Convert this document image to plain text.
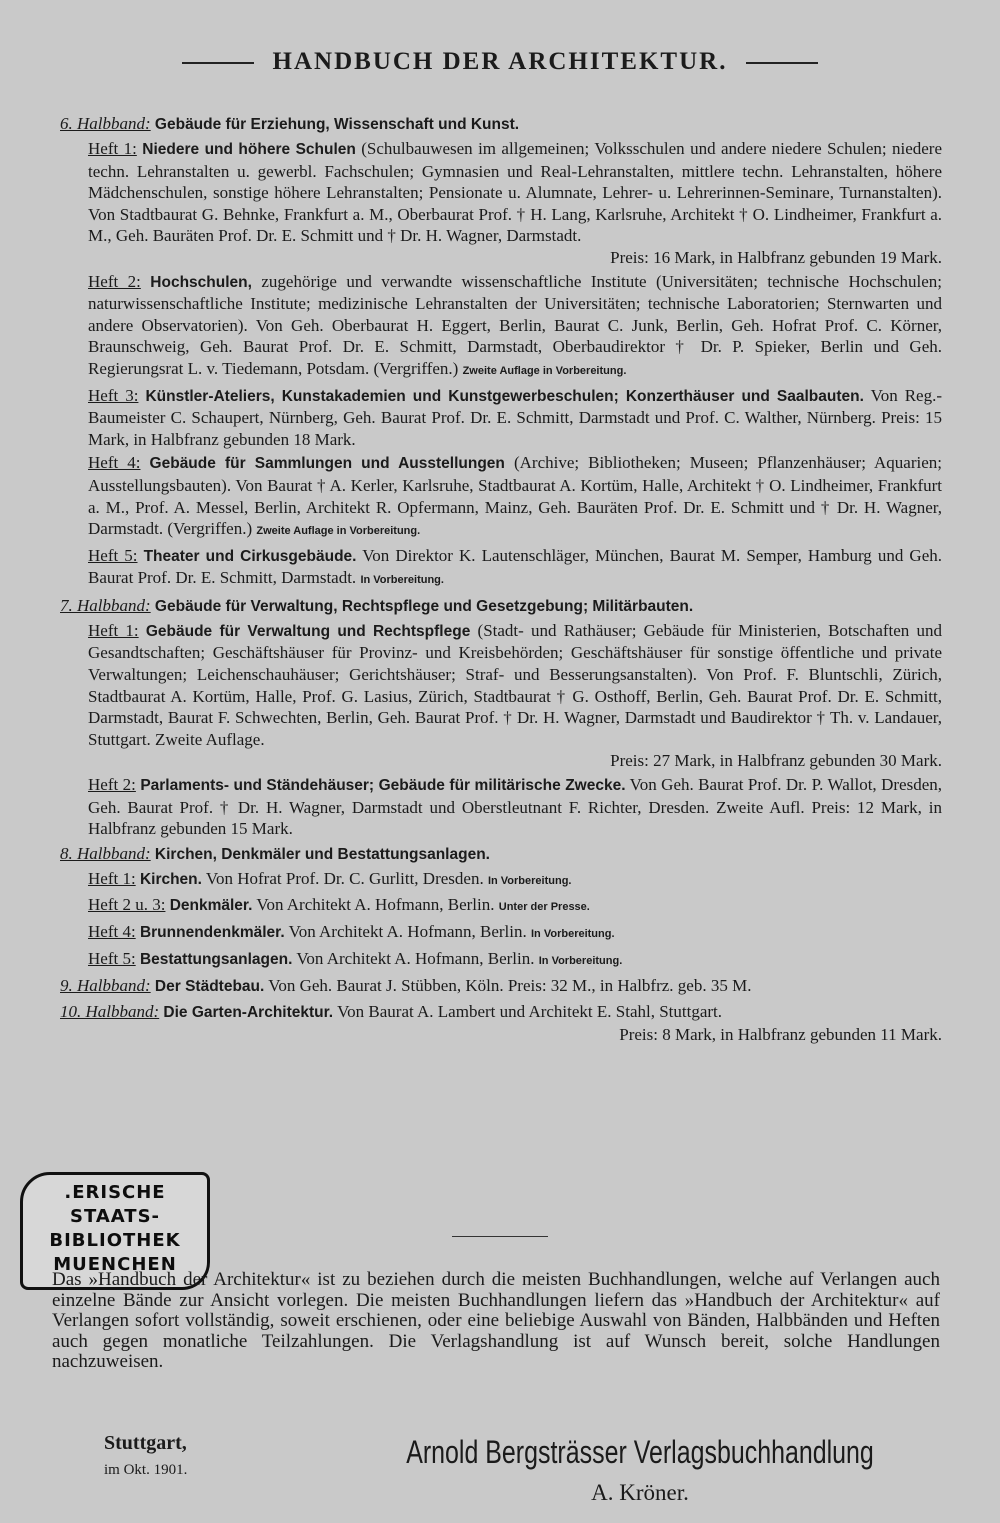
HANDBUCH DER ARCHITEKTUR.
6. Halbband: Gebäude für Erziehung, Wissenschaft und Kunst.
Heft 1: Niedere und höhere Schulen (Schulbauwesen im allgemeinen; Volksschulen und andere niedere Schulen; niedere techn. Lehranstalten u. gewerbl. Fachschulen; Gymnasien und Real-Lehranstalten, mittlere techn. Lehranstalten, höhere Mädchenschulen, sonstige höhere Lehranstalten; Pensionate u. Alumnate, Lehrer- u. Lehrerinnen-Seminare, Turnanstalten). Von Stadtbaurat G. Behnke, Frankfurt a. M., Oberbaurat Prof. † H. Lang, Karlsruhe, Architekt † O. Lindheimer, Frankfurt a. M., Geh. Bauräten Prof. Dr. E. Schmitt und † Dr. H. Wagner, Darmstadt.
Preis: 16 Mark, in Halbfranz gebunden 19 Mark.
Heft 2: Hochschulen, zugehörige und verwandte wissenschaftliche Institute (Universitäten; technische Hochschulen; naturwissenschaftliche Institute; medizinische Lehranstalten der Universitäten; technische Laboratorien; Sternwarten und andere Observatorien). Von Geh. Oberbaurat H. Eggert, Berlin, Baurat C. Junk, Berlin, Geh. Hofrat Prof. C. Körner, Braunschweig, Geh. Baurat Prof. Dr. E. Schmitt, Darmstadt, Oberbaudirektor † Dr. P. Spieker, Berlin und Geh. Regierungsrat L. v. Tiedemann, Potsdam. (Vergriffen.) Zweite Auflage in Vorbereitung.
Heft 3: Künstler-Ateliers, Kunstakademien und Kunstgewerbeschulen; Konzerthäuser und Saalbauten. Von Reg.-Baumeister C. Schaupert, Nürnberg, Geh. Baurat Prof. Dr. E. Schmitt, Darmstadt und Prof. C. Walther, Nürnberg. Preis: 15 Mark, in Halbfranz gebunden 18 Mark.
Heft 4: Gebäude für Sammlungen und Ausstellungen (Archive; Bibliotheken; Museen; Pflanzenhäuser; Aquarien; Ausstellungsbauten). Von Baurat † A. Kerler, Karlsruhe, Stadtbaurat A. Kortüm, Halle, Architekt † O. Lindheimer, Frankfurt a. M., Prof. A. Messel, Berlin, Architekt R. Opfermann, Mainz, Geh. Bauräten Prof. Dr. E. Schmitt und † Dr. H. Wagner, Darmstadt. (Vergriffen.) Zweite Auflage in Vorbereitung.
Heft 5: Theater und Cirkusgebäude. Von Direktor K. Lautenschläger, München, Baurat M. Semper, Hamburg und Geh. Baurat Prof. Dr. E. Schmitt, Darmstadt. In Vorbereitung.
7. Halbband: Gebäude für Verwaltung, Rechtspflege und Gesetzgebung; Militärbauten.
Heft 1: Gebäude für Verwaltung und Rechtspflege (Stadt- und Rathäuser; Gebäude für Ministerien, Botschaften und Gesandtschaften; Geschäftshäuser für Provinz- und Kreisbehörden; Geschäftshäuser für sonstige öffentliche und private Verwaltungen; Leichenschauhäuser; Gerichtshäuser; Straf- und Besserungsanstalten). Von Prof. F. Bluntschli, Zürich, Stadtbaurat A. Kortüm, Halle, Prof. G. Lasius, Zürich, Stadtbaurat † G. Osthoff, Berlin, Geh. Baurat Prof. Dr. E. Schmitt, Darmstadt, Baurat F. Schwechten, Berlin, Geh. Baurat Prof. † Dr. H. Wagner, Darmstadt und Baudirektor † Th. v. Landauer, Stuttgart. Zweite Auflage.
Preis: 27 Mark, in Halbfranz gebunden 30 Mark.
Heft 2: Parlaments- und Ständehäuser; Gebäude für militärische Zwecke. Von Geh. Baurat Prof. Dr. P. Wallot, Dresden, Geh. Baurat Prof. † Dr. H. Wagner, Darmstadt und Oberstleutnant F. Richter, Dresden. Zweite Aufl. Preis: 12 Mark, in Halbfranz gebunden 15 Mark.
8. Halbband: Kirchen, Denkmäler und Bestattungsanlagen.
Heft 1: Kirchen. Von Hofrat Prof. Dr. C. Gurlitt, Dresden. In Vorbereitung.
Heft 2 u. 3: Denkmäler. Von Architekt A. Hofmann, Berlin. Unter der Presse.
Heft 4: Brunnendenkmäler. Von Architekt A. Hofmann, Berlin. In Vorbereitung.
Heft 5: Bestattungsanlagen. Von Architekt A. Hofmann, Berlin. In Vorbereitung.
9. Halbband: Der Städtebau. Von Geh. Baurat J. Stübben, Köln. Preis: 32 M., in Halbfrz. geb. 35 M.
10. Halbband: Die Garten-Architektur. Von Baurat A. Lambert und Architekt E. Stahl, Stuttgart.
Preis: 8 Mark, in Halbfranz gebunden 11 Mark.
.ERISCHE
STAATS-
BIBLIOTHEK
MUENCHEN
Das »Handbuch der Architektur« ist zu beziehen durch die meisten Buchhandlungen, welche auf Verlangen auch einzelne Bände zur Ansicht vorlegen. Die meisten Buchhandlungen liefern das »Handbuch der Architektur« auf Verlangen sofort vollständig, soweit erschienen, oder eine beliebige Auswahl von Bänden, Halbbänden und Heften auch gegen monatliche Teilzahlungen. Die Verlagshandlung ist auf Wunsch bereit, solche Handlungen nachzuweisen.
Stuttgart,
im Okt. 1901.	Arnold Bergsträsser Verlagsbuchhandlung
A. Kröner.
